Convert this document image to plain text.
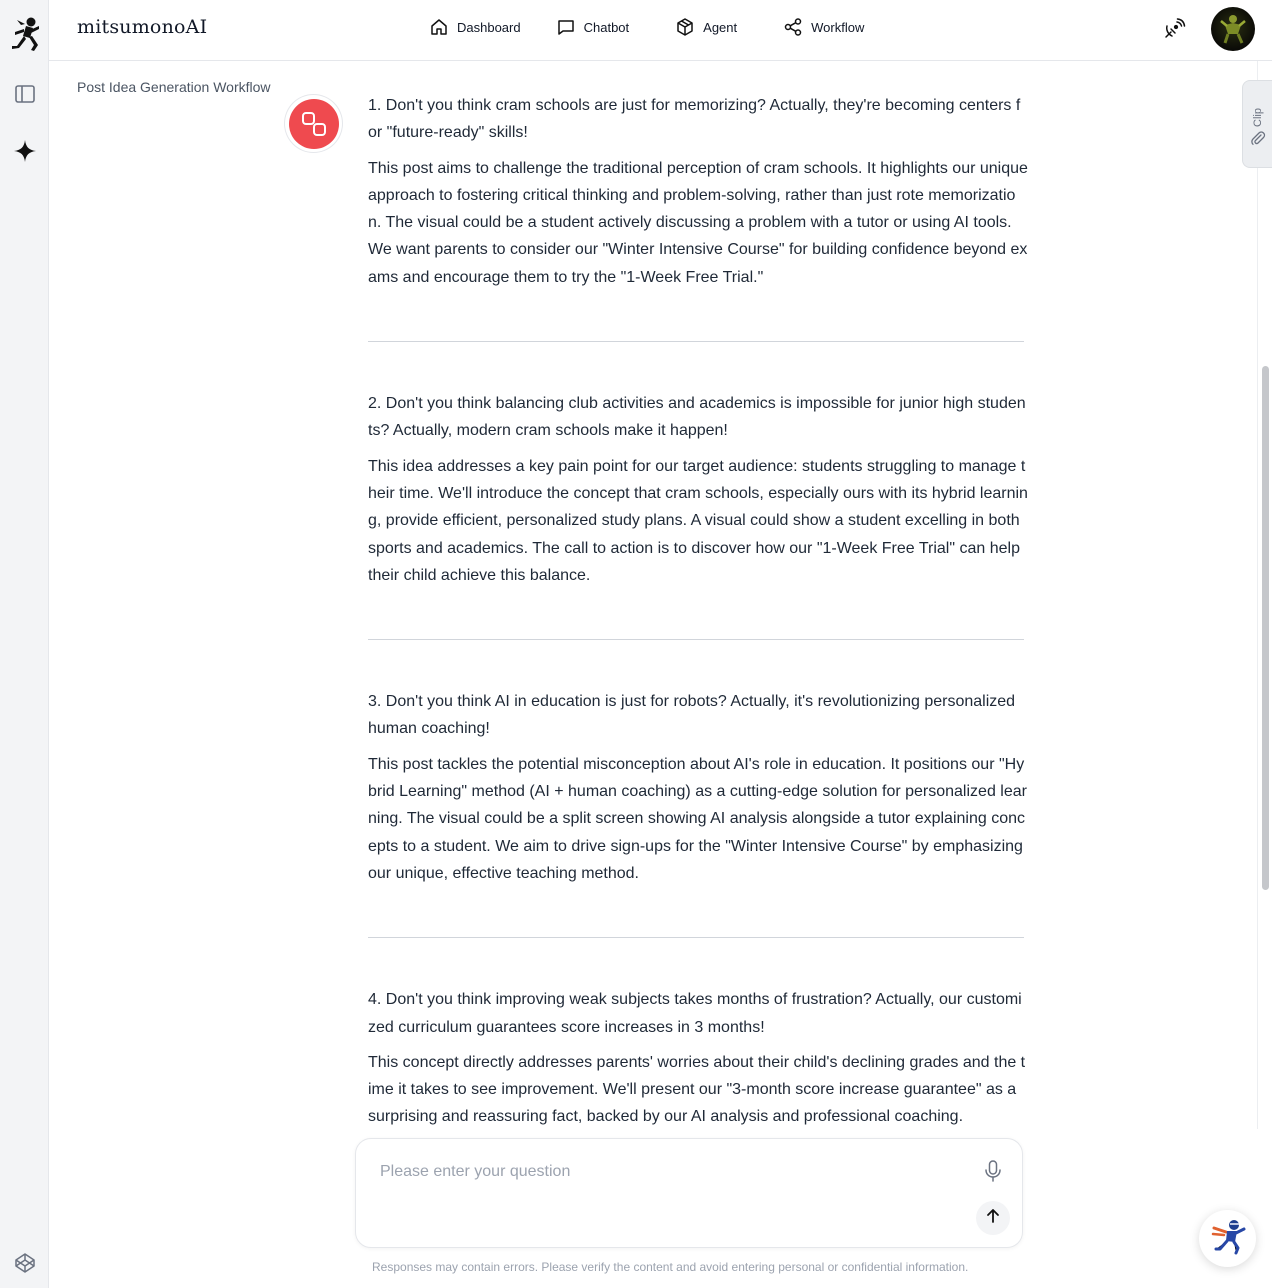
mitsumonoAI	Dashboard	Chatbot	Agent	Workflow
Post Idea Generation Workflow
1. Don't you think cram schools are just for memorizing? Actually, they're becoming centers for "future-ready" skills!
This post aims to challenge the traditional perception of cram schools. It highlights our unique approach to fostering critical thinking and problem-solving, rather than just rote memorization. The visual could be a student actively discussing a problem with a tutor or using AI tools. We want parents to consider our "Winter Intensive Course" for building confidence beyond exams and encourage them to try the "1-Week Free Trial."
2. Don't you think balancing club activities and academics is impossible for junior high students? Actually, modern cram schools make it happen!
This idea addresses a key pain point for our target audience: students struggling to manage their time. We'll introduce the concept that cram schools, especially ours with its hybrid learning, provide efficient, personalized study plans. A visual could show a student excelling in both sports and academics. The call to action is to discover how our "1-Week Free Trial" can help their child achieve this balance.
3. Don't you think AI in education is just for robots? Actually, it's revolutionizing personalized human coaching!
This post tackles the potential misconception about AI's role in education. It positions our "Hybrid Learning" method (AI + human coaching) as a cutting-edge solution for personalized learning. The visual could be a split screen showing AI analysis alongside a tutor explaining concepts to a student. We aim to drive sign-ups for the "Winter Intensive Course" by emphasizing our unique, effective teaching method.
4. Don't you think improving weak subjects takes months of frustration? Actually, our customized curriculum guarantees score increases in 3 months!
This concept directly addresses parents' worries about their child's declining grades and the time it takes to see improvement. We'll present our "3-month score increase guarantee" as a surprising and reassuring fact, backed by our AI analysis and professional coaching.
Clip
Please enter your question
Responses may contain errors. Please verify the content and avoid entering personal or confidential information.
